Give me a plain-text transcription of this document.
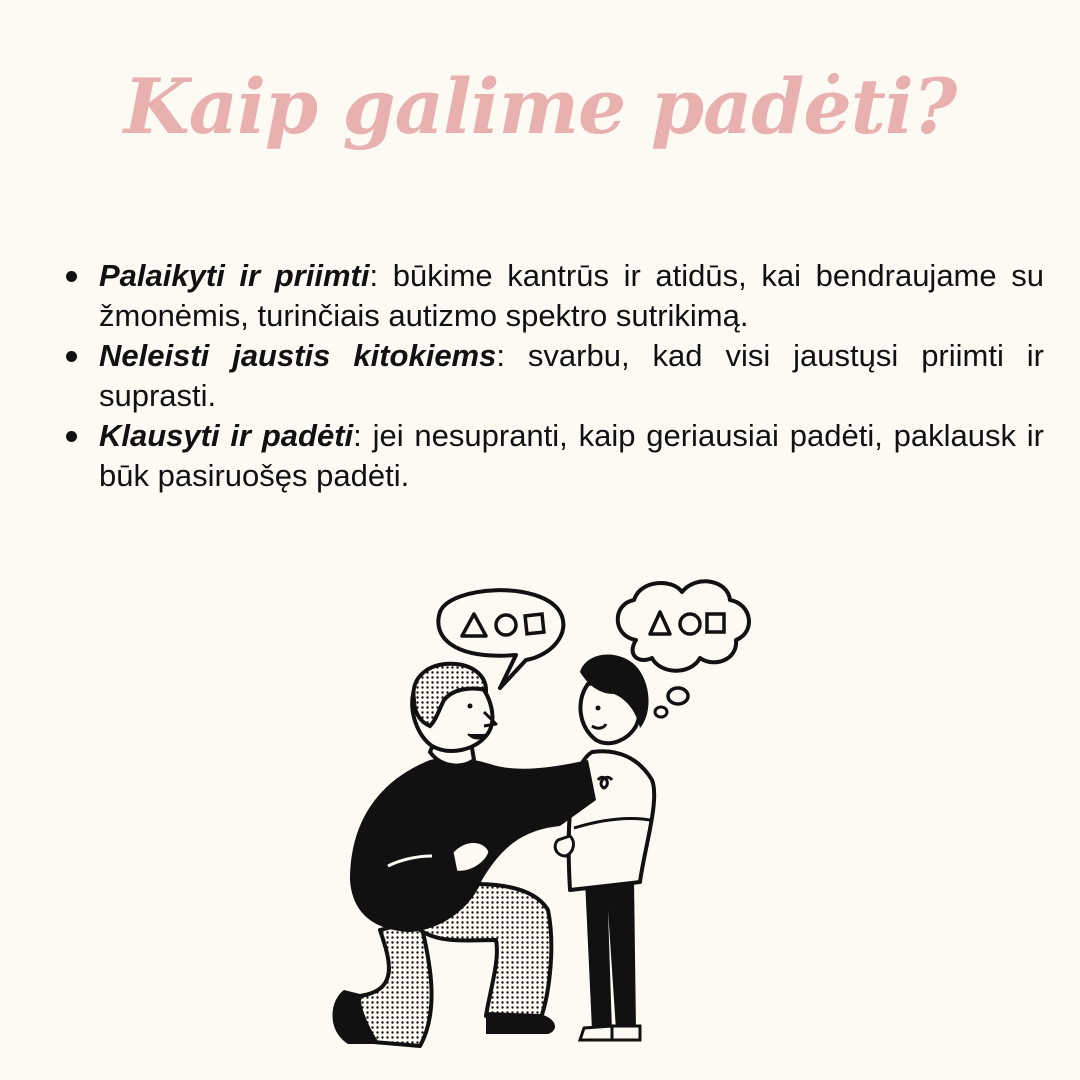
Kaip galime padėti?
Palaikyti ir priimti: būkime kantrūs ir atidūs, kai bendraujame su žmonėmis, turinčiais autizmo spektro sutrikimą.
Neleisti jaustis kitokiems: svarbu, kad visi jaustųsi priimti ir suprasti.
Klausyti ir padėti: jei nesupranti, kaip geriausiai padėti, paklausk ir būk pasiruošęs padėti.
